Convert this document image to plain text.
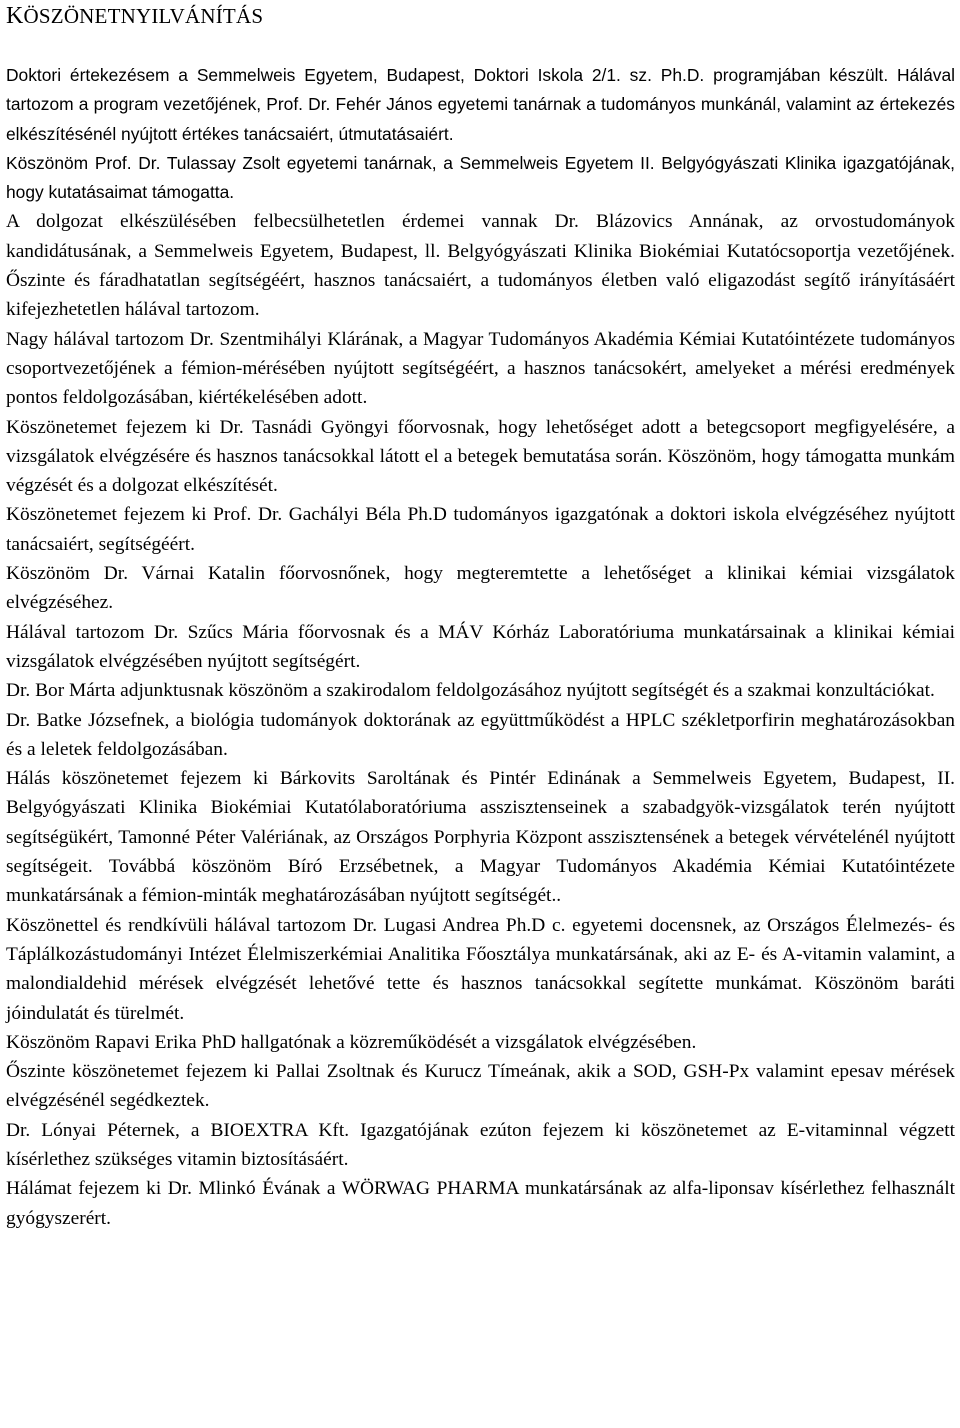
KÖSZÖNETNYILVÁNÍTÁS

Doktori értekezésem a Semmelweis Egyetem, Budapest, Doktori Iskola 2/1. sz. Ph.D. programjában készült. Hálával tartozom a program vezetőjének, Prof. Dr. Fehér János egyetemi tanárnak a tudományos munkánál, valamint az értekezés elkészítésénél nyújtott értékes tanácsaiért, útmutatásaiért.

Köszönöm Prof. Dr. Tulassay Zsolt egyetemi tanárnak, a Semmelweis Egyetem II. Belgyógyászati Klinika igazgatójának, hogy kutatásaimat támogatta.

A dolgozat elkészülésében felbecsülhetetlen érdemei vannak Dr. Blázovics Annának, az orvostudományok kandidátusának, a Semmelweis Egyetem, Budapest, ll. Belgyógyászati Klinika Biokémiai Kutatócsoportja vezetőjének. Őszinte és fáradhatatlan segítségéért, hasznos tanácsaiért, a tudományos életben való eligazodást segítő irányításáért kifejezhetetlen hálával tartozom.

Nagy hálával tartozom Dr. Szentmihályi Klárának, a Magyar Tudományos Akadémia Kémiai Kutatóintézete tudományos csoportvezetőjének a fémion-mérésében nyújtott segítségéért, a hasznos tanácsokért, amelyeket a mérési eredmények pontos feldolgozásában, kiértékelésében adott.

Köszönetemet fejezem ki Dr. Tasnádi Gyöngyi főorvosnak, hogy lehetőséget adott a betegcsoport megfigyelésére, a vizsgálatok elvégzésére és hasznos tanácsokkal látott el a betegek bemutatása során. Köszönöm, hogy támogatta munkám végzését és a dolgozat elkészítését.

Köszönetemet fejezem ki Prof. Dr. Gachályi Béla Ph.D tudományos igazgatónak a doktori iskola elvégzéséhez nyújtott tanácsaiért, segítségéért.

Köszönöm Dr. Várnai Katalin főorvosnőnek, hogy megteremtette a lehetőséget a klinikai kémiai vizsgálatok elvégzéséhez.

Hálával tartozom Dr. Szűcs Mária főorvosnak és a MÁV Kórház Laboratóriuma munkatársainak a klinikai kémiai vizsgálatok elvégzésében nyújtott segítségért.

Dr. Bor Márta adjunktusnak köszönöm a szakirodalom feldolgozásához nyújtott segítségét és a szakmai konzultációkat.

Dr. Batke Józsefnek, a biológia tudományok doktorának az együttműködést a HPLC székletporfirin meghatározásokban és a leletek feldolgozásában.

Hálás köszönetemet fejezem ki Bárkovits Saroltának és Pintér Edinának a Semmelweis Egyetem, Budapest, II. Belgyógyászati Klinika Biokémiai Kutatólaboratóriuma asszisztenseinek a szabadgyök-vizsgálatok terén nyújtott segítségükért, Tamonné Péter Valériának, az Országos Porphyria Központ asszisztensének a betegek vérvételénél nyújtott segítségeit. Továbbá köszönöm Bíró Erzsébetnek, a Magyar Tudományos Akadémia Kémiai Kutatóintézete munkatársának a fémion-minták meghatározásában nyújtott segítségét..

Köszönettel és rendkívüli hálával tartozom Dr. Lugasi Andrea Ph.D c. egyetemi docensnek, az Országos Élelmezés- és Táplálkozástudományi Intézet Élelmiszerkémiai Analitika Főosztálya munkatársának, aki az E- és A-vitamin valamint, a malondialdehid mérések elvégzését lehetővé tette és hasznos tanácsokkal segítette munkámat. Köszönöm baráti jóindulatát és türelmét.

Köszönöm Rapavi Erika PhD hallgatónak a közreműködését a vizsgálatok elvégzésében.

Őszinte köszönetemet fejezem ki Pallai Zsoltnak és Kurucz Tímeának, akik a SOD, GSH-Px valamint epesav mérések elvégzésénél segédkeztek.

Dr. Lónyai Péternek, a BIOEXTRA Kft. Igazgatójának ezúton fejezem ki köszönetemet az E-vitaminnal végzett kísérlethez szükséges vitamin biztosításáért.

Hálámat fejezem ki Dr. Mlinkó Évának a WÖRWAG PHARMA munkatársának az alfa-liponsav kísérlethez felhasznált gyógyszerért.
